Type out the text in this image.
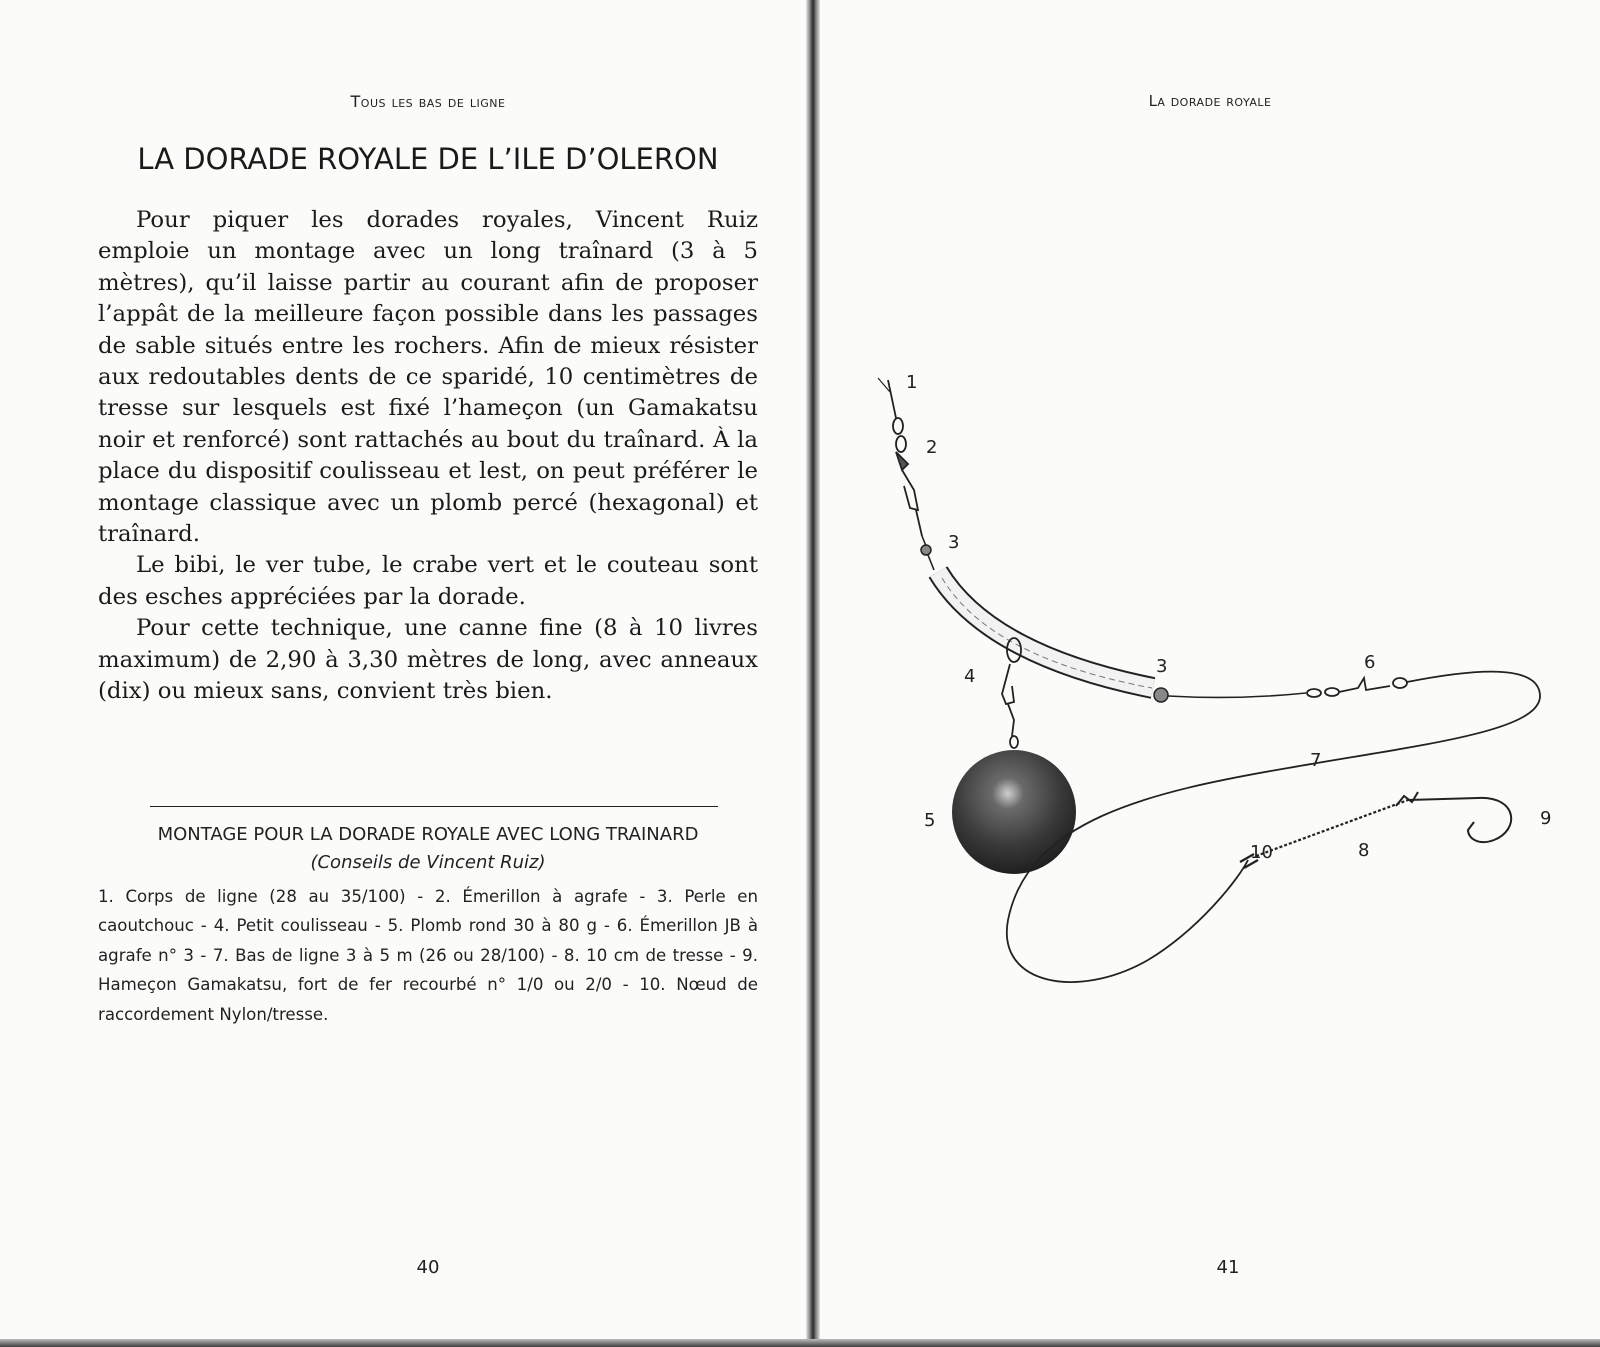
Tous les bas de ligne
LA DORADE ROYALE DE L’ILE D’OLERON

Pour piquer les dorades royales, Vincent Ruiz emploie un montage avec un long traînard (3 à 5 mètres), qu’il laisse partir au courant afin de proposer l’appât de la meilleure façon possible dans les passages de sable situés entre les rochers. Afin de mieux résister aux redoutables dents de ce sparidé, 10 centimètres de tresse sur lesquels est fixé l’hameçon (un Gamakatsu noir et renforcé) sont rattachés au bout du traînard. À la place du dispositif coulisseau et lest, on peut préférer le montage classique avec un plomb percé (hexagonal) et traînard.

Le bibi, le ver tube, le crabe vert et le couteau sont des esches appréciées par la dorade.

Pour cette technique, une canne fine (8 à 10 livres maximum) de 2,90 à 3,30 mètres de long, avec anneaux (dix) ou mieux sans, convient très bien.

MONTAGE POUR LA DORADE ROYALE AVEC LONG TRAINARD
(Conseils de Vincent Ruiz)

1. Corps de ligne (28 au 35/100) - 2. Émerillon à agrafe - 3. Perle en caoutchouc - 4. Petit coulisseau - 5. Plomb rond 30 à 80 g - 6. Émerillon JB à agrafe n° 3 - 7. Bas de ligne 3 à 5 m (26 ou 28/100) - 8. 10 cm de tresse - 9. Hameçon Gamakatsu, fort de fer recourbé n° 1/0 ou 2/0 - 10. Nœud de raccordement Nylon/tresse.

40
La dorade royale
1
2
3
3
4
5
6
7
8
9
10
41
